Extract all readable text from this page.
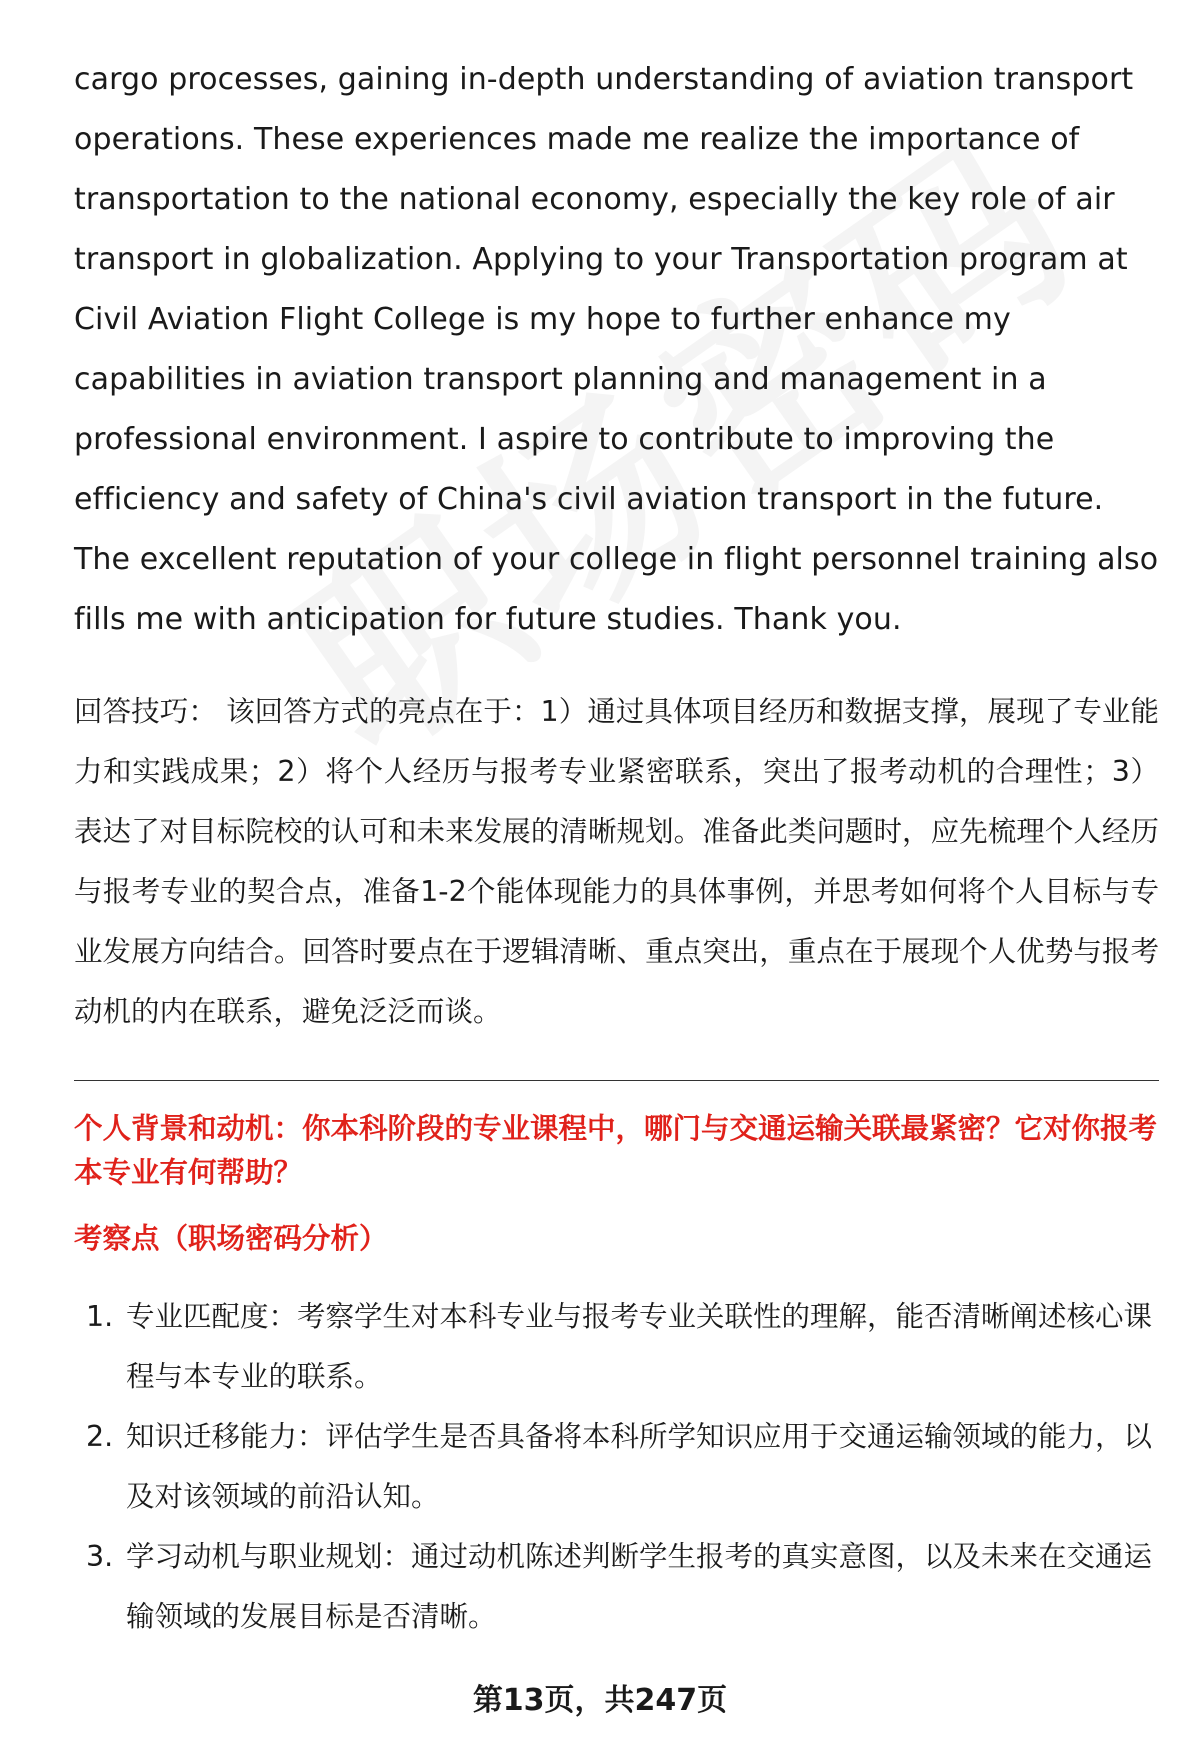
cargo processes, gaining in-depth understanding of aviation transport operations. These experiences made me realize the importance of transportation to the national economy, especially the key role of air transport in globalization. Applying to your Transportation program at Civil Aviation Flight College is my hope to further enhance my capabilities in aviation transport planning and management in a professional environment. I aspire to contribute to improving the efficiency and safety of China's civil aviation transport in the future. The excellent reputation of your college in flight personnel training also fills me with anticipation for future studies. Thank you.

回答技巧： 该回答方式的亮点在于：1）通过具体项目经历和数据支撑，展现了专业能力和实践成果；2）将个人经历与报考专业紧密联系，突出了报考动机的合理性；3）表达了对目标院校的认可和未来发展的清晰规划。准备此类问题时，应先梳理个人经历与报考专业的契合点，准备1-2个能体现能力的具体事例，并思考如何将个人目标与专业发展方向结合。回答时要点在于逻辑清晰、重点突出，重点在于展现个人优势与报考动机的内在联系，避免泛泛而谈。

个人背景和动机：你本科阶段的专业课程中，哪门与交通运输关联最紧密？它对你报考本专业有何帮助？
考察点（职场密码分析）
1. 专业匹配度：考察学生对本科专业与报考专业关联性的理解，能否清晰阐述核心课程与本专业的联系。
2. 知识迁移能力：评估学生是否具备将本科所学知识应用于交通运输领域的能力，以及对该领域的前沿认知。
3. 学习动机与职业规划：通过动机陈述判断学生报考的真实意图，以及未来在交通运输领域的发展目标是否清晰。
第13页，共247页
